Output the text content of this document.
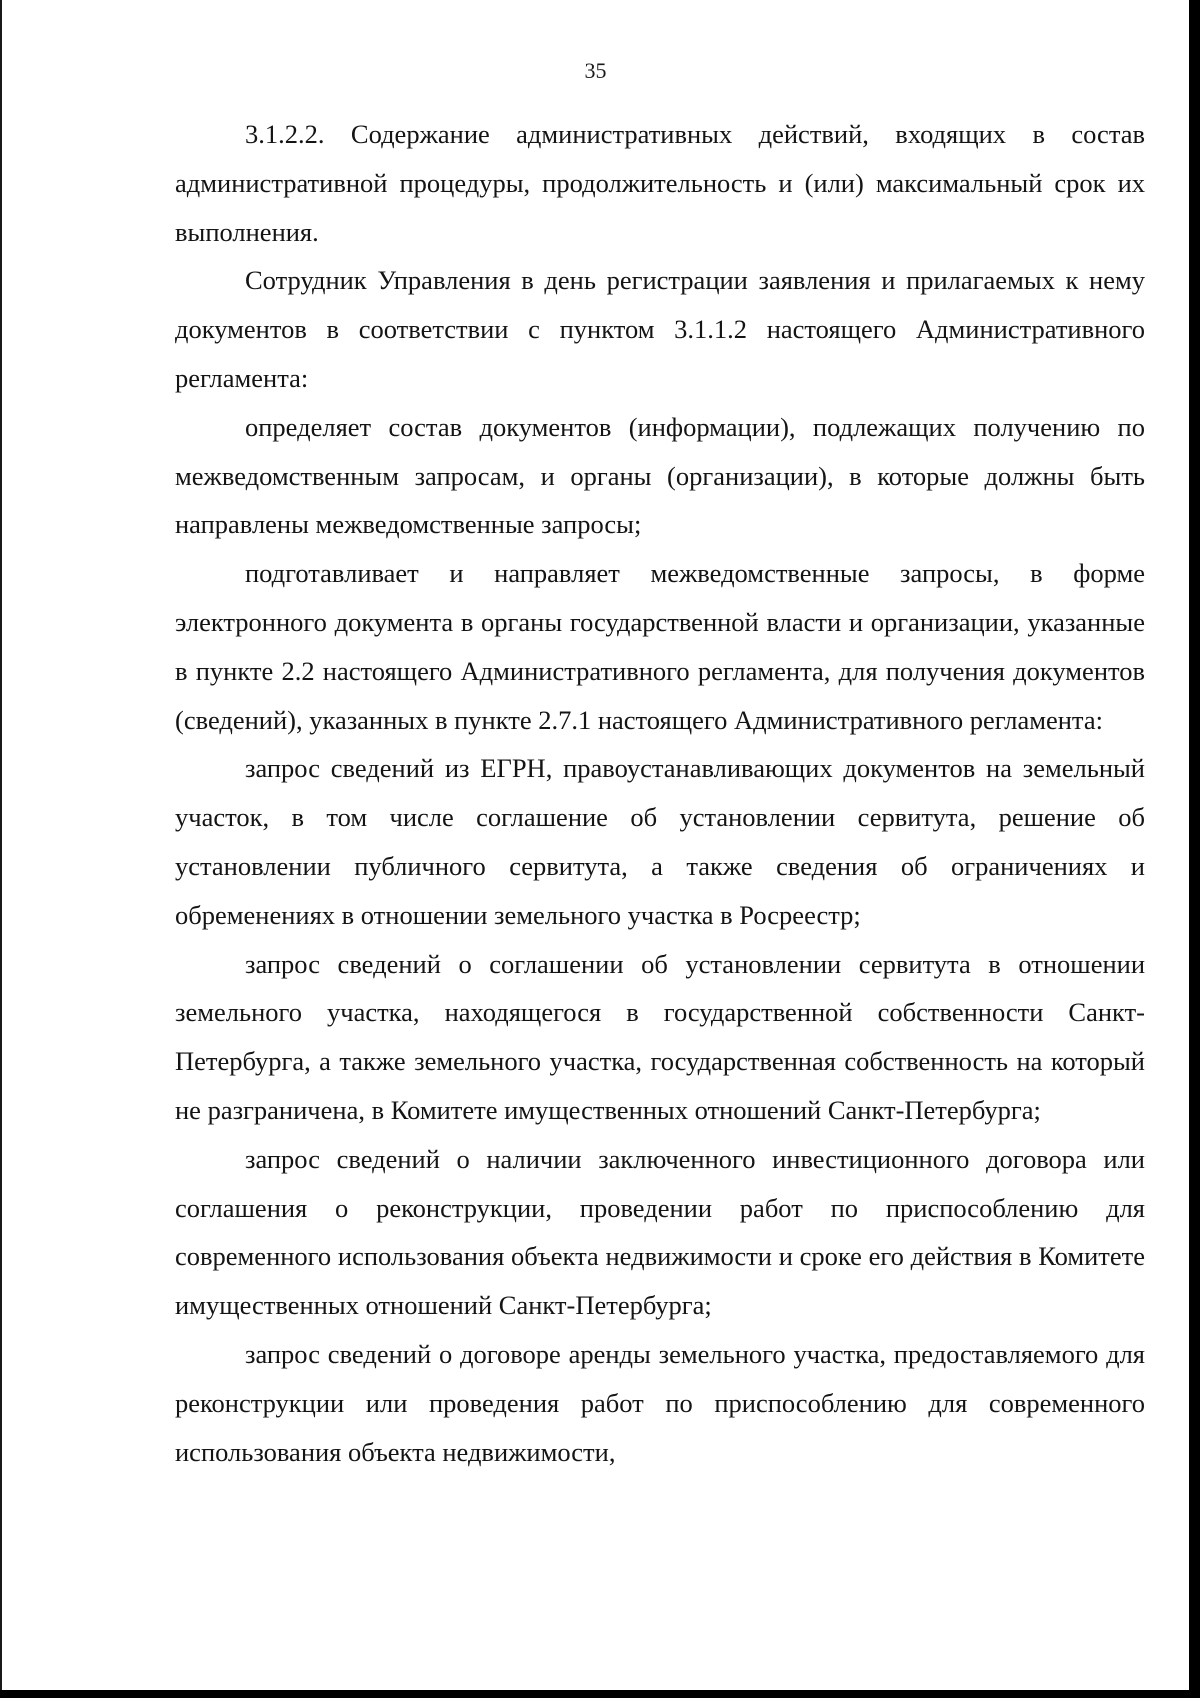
35

3.1.2.2. Содержание административных действий, входящих в состав административной процедуры, продолжительность и (или) максимальный срок их выполнения.

Сотрудник Управления в день регистрации заявления и прилагаемых к нему документов в соответствии с пунктом 3.1.1.2 настоящего Административного регламента:

определяет состав документов (информации), подлежащих получению по межведомственным запросам, и органы (организации), в которые должны быть направлены межведомственные запросы;

подготавливает и направляет межведомственные запросы, в форме электронного документа в органы государственной власти и организации, указанные в пункте 2.2 настоящего Административного регламента, для получения документов (сведений), указанных в пункте 2.7.1 настоящего Административного регламента:

запрос сведений из ЕГРН, правоустанавливающих документов на земельный участок, в том числе соглашение об установлении сервитута, решение об установлении публичного сервитута, а также сведения об ограничениях и обременениях в отношении земельного участка в Росреестр;

запрос сведений о соглашении об установлении сервитута в отношении земельного участка, находящегося в государственной собственности Санкт-Петербурга, а также земельного участка, государственная собственность на который не разграничена, в Комитете имущественных отношений Санкт-Петербурга;

запрос сведений о наличии заключенного инвестиционного договора или соглашения о реконструкции, проведении работ по приспособлению для современного использования объекта недвижимости и сроке его действия в Комитете имущественных отношений Санкт-Петербурга;

запрос сведений о договоре аренды земельного участка, предоставляемого для реконструкции или проведения работ по приспособлению для современного использования объекта недвижимости,
